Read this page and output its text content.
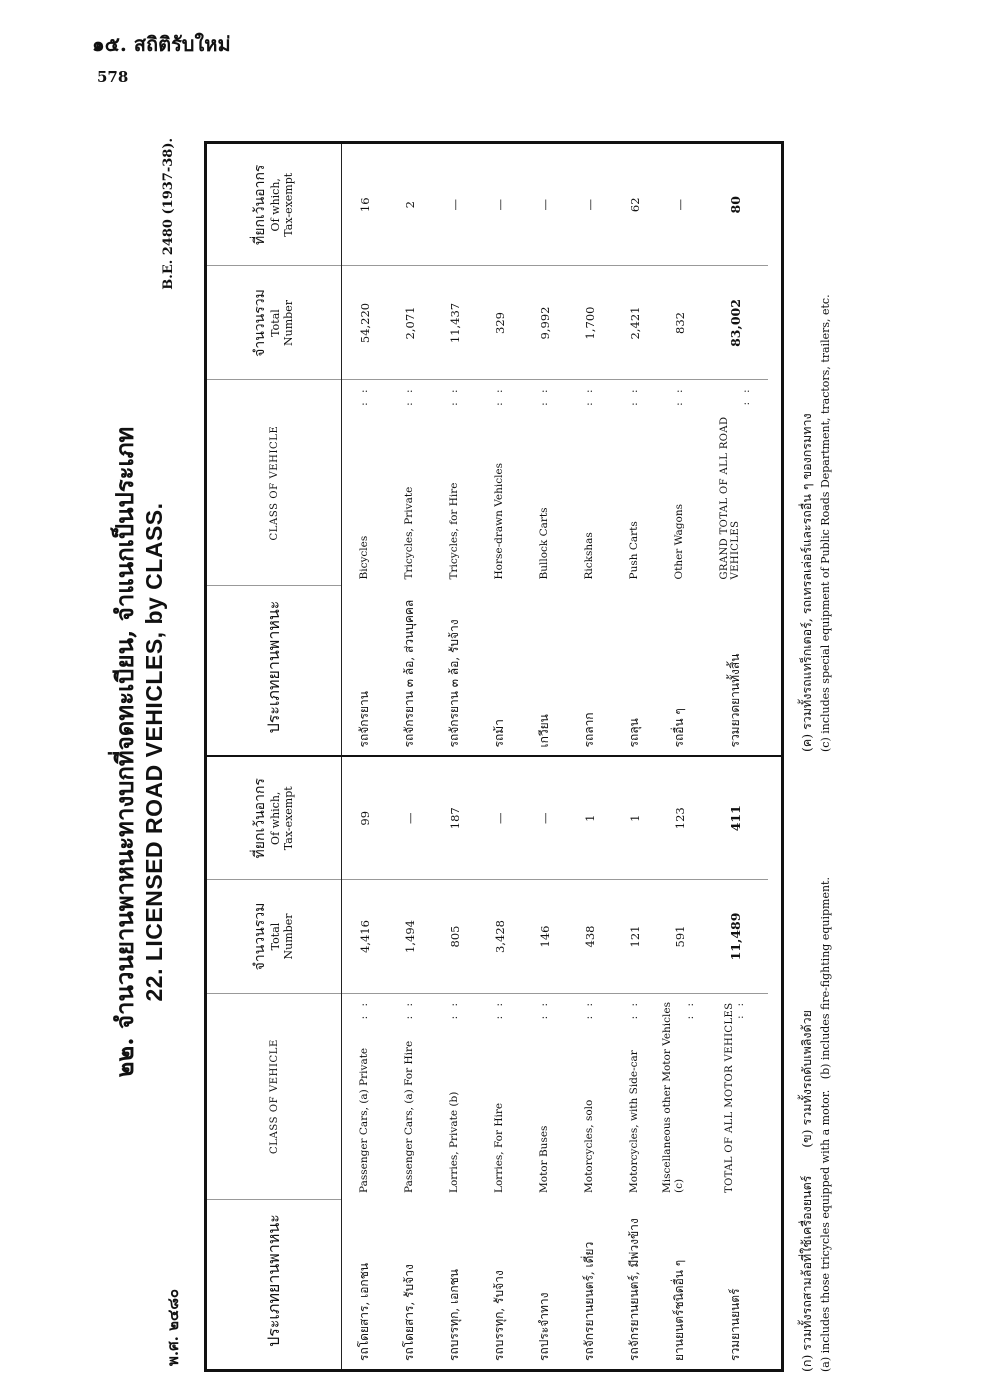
๑๕. สถิติรับใหม่
578
๒๒. จำนวนยานพาหนะทางบกที่จดทะเบียน, จำแนกเป็นประเภท 22. LICENSED ROAD VEHICLES, by CLASS.
พ.ศ. ๒๔๘๐
B.E. 2480 (1937-38).
ประเภทยานพาหนะ
CLASS OF VEHICLE
จำนวนรวม Total Number
ที่ยกเว้นอากร Of which, Tax-exempt
รถโดยสาร, เอกชน
Passenger Cars, (a) Private
: :
4,416
99
รถโดยสาร, รับจ้าง
Passenger Cars, (a) For Hire
: :
1,494
—
รถบรรทุก, เอกชน
Lorries, Private (b)
: :
805
187
รถบรรทุก, รับจ้าง
Lorries, For Hire
: :
3,428
—
รถประจำทาง
Motor Buses
: :
146
—
รถจักรยานยนตร์, เดี่ยว
Motorcycles, solo
: :
438
1
รถจักรยานยนตร์, มีพ่วงข้าง
Motorcycles, with Side-car
: :
121
1
ยานยนตร์ชนิดอื่น ๆ
Miscellaneous other Motor Vehicles (c)
: :
591
123
รวมยานยนตร์
TOTAL OF ALL MOTOR VEHICLES : :
11,489
411
ประเภทยานพาหนะ
CLASS OF VEHICLE
จำนวนรวม Total Number
ที่ยกเว้นอากร Of which, Tax-exempt
รถจักรยาน
Bicycles
: :
54,220
16
รถจักรยาน ๓ ล้อ, ส่วนบุคคล
Tricycles, Private
: :
2,071
2
รถจักรยาน ๓ ล้อ, รับจ้าง
Tricycles, for Hire
: :
11,437
—
รถม้า
Horse-drawn Vehicles
: :
329
—
เกวียน
Bullock Carts
: :
9,992
—
รถลาก
Rickshas
: :
1,700
—
รถลุน
Push Carts
: :
2,421
62
รถอื่น ๆ
Other Wagons
: :
832
—
รวมยวดยานทั้งสิ้น
GRAND TOTAL OF ALL ROAD VEHICLES
: :
83,002
80
(ก) รวมทั้งรถสามล้อที่ใช้เครื่องยนตร์       (ข) รวมทั้งรถดับเพลิงด้วย
(ค) รวมทั้งรถแทร็กเตอร์, รถเทรลเล่อร์และรถอื่น ๆ ของกรมทาง
(a) includes those tricycles equipped with a motor.   (b) includes fire-fighting equipment.
(c) includes special equipment of Public Roads Department, tractors, trailers, etc.
